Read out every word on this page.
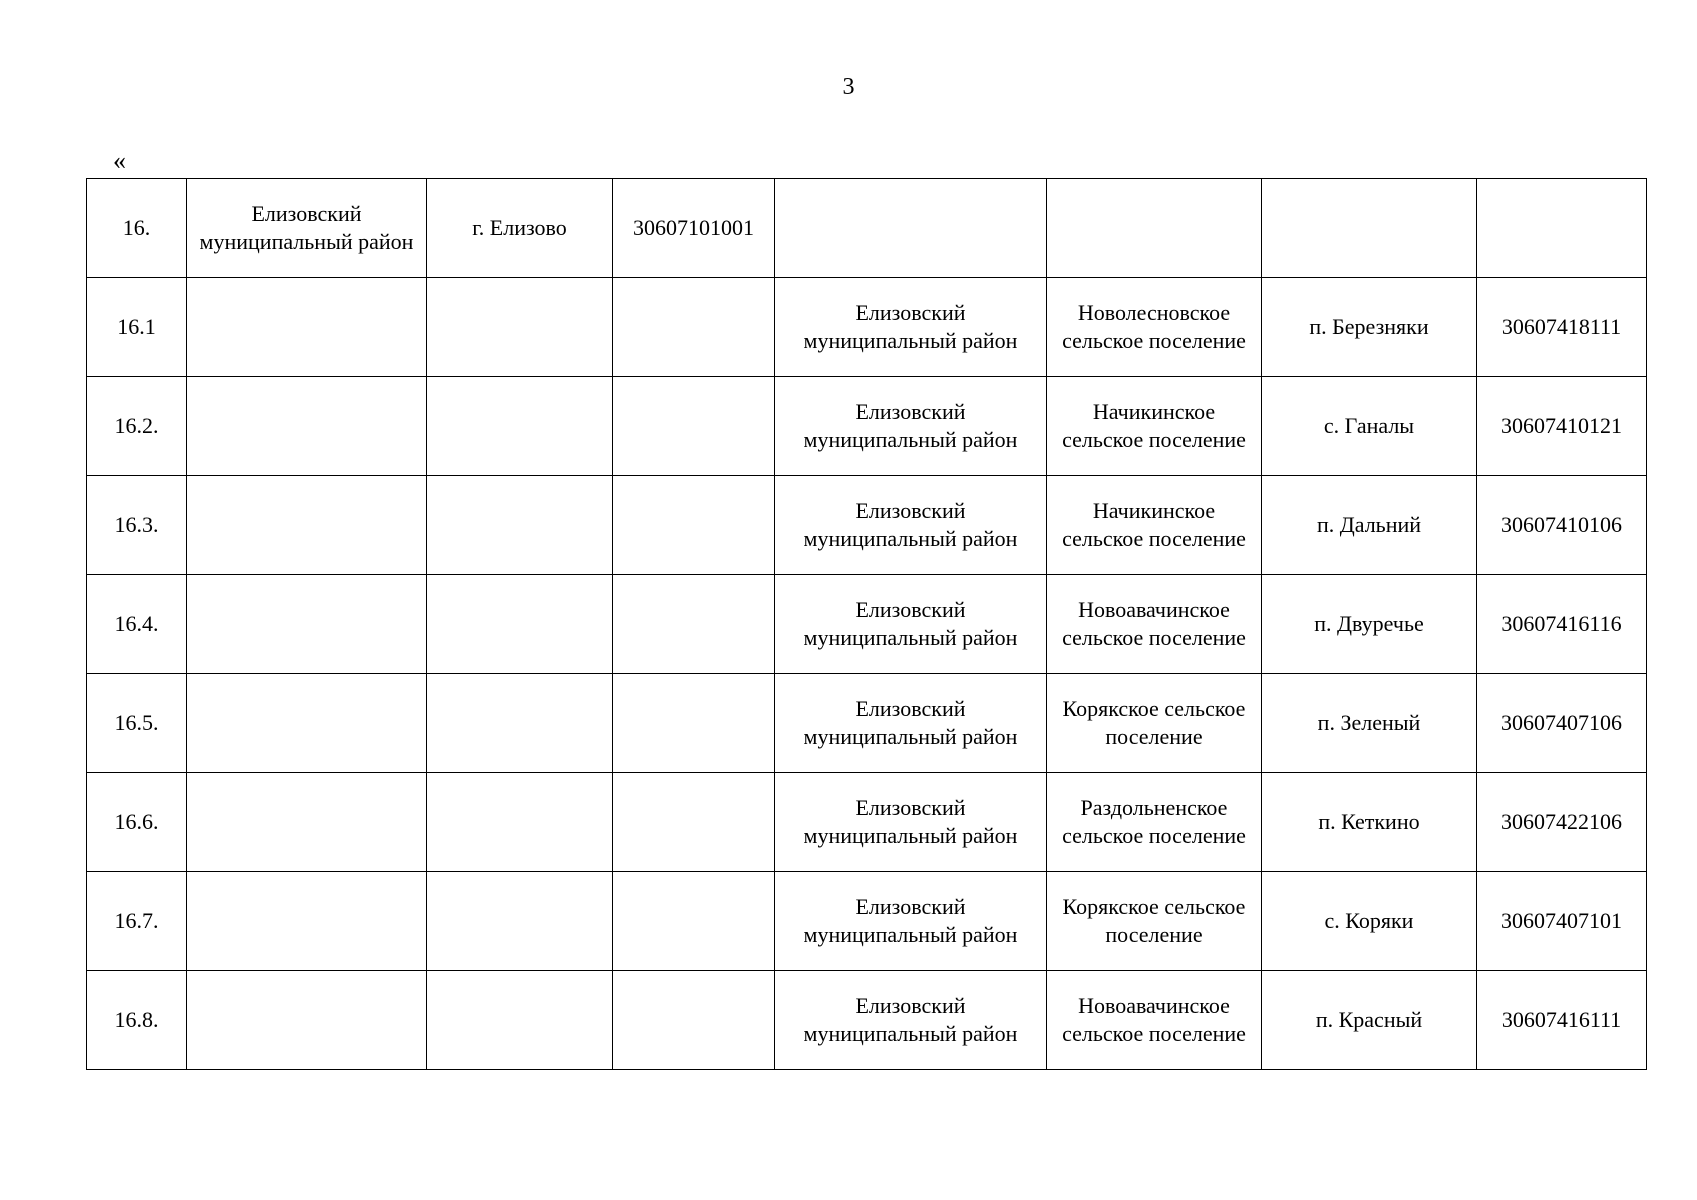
3
«
16.	Елизовский муниципальный район	г. Елизово	30607101001				
16.1				Елизовский муниципальный район	Новолесновское сельское поселение	п. Березняки	30607418111
16.2.				Елизовский муниципальный район	Начикинское сельское поселение	с. Ганалы	30607410121
16.3.				Елизовский муниципальный район	Начикинское сельское поселение	п. Дальний	30607410106
16.4.				Елизовский муниципальный район	Новоавачинское сельское поселение	п. Двуречье	30607416116
16.5.				Елизовский муниципальный район	Корякское сельское поселение	п. Зеленый	30607407106
16.6.				Елизовский муниципальный район	Раздольненское сельское поселение	п. Кеткино	30607422106
16.7.				Елизовский муниципальный район	Корякское сельское поселение	с. Коряки	30607407101
16.8.				Елизовский муниципальный район	Новоавачинское сельское поселение	п. Красный	30607416111
